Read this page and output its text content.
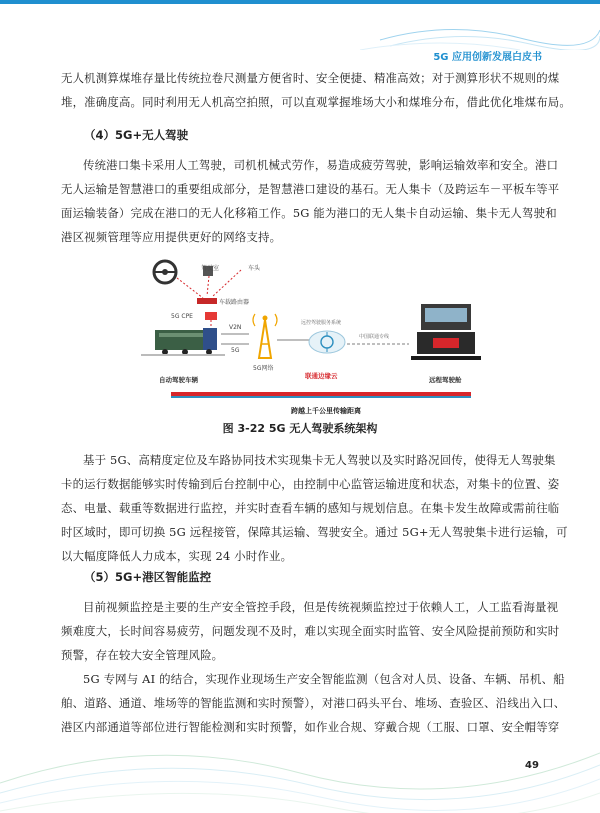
5G 应用创新发展白皮书
无人机测算煤堆存量比传统拉卷尺测量方便省时、安全便捷、精准高效；对于测算形状不规则的煤
堆，准确度高。同时利用无人机高空拍照，可以直观掌握堆场大小和煤堆分布，借此优化堆煤布局。
（4）5G+无人驾驶
传统港口集卡采用人工驾驶，司机机械式劳作，易造成疲劳驾驶，影响运输效率和安全。港口
无人运输是智慧港口的重要组成部分，是智慧港口建设的基石。无人集卡（及跨运车－平板车等平
面运输装备）完成在港口的无人化移箱工作。5G 能为港口的无人集卡自动运输、集卡无人驾驶和
港区视频管理等应用提供更好的网络支持。
驾驶室	车头
车载路由器
5G CPE
自动驾驶车辆
V2N
5G
5G网络
远控驾驶服务系统
联通边缘云
中国联通专线
远程驾驶舱
跨越上千公里传输距离
图 3-22 5G 无人驾驶系统架构
基于 5G、高精度定位及车路协同技术实现集卡无人驾驶以及实时路况回传，使得无人驾驶集
卡的运行数据能够实时传输到后台控制中心，由控制中心监管运输进度和状态，对集卡的位置、姿
态、电量、载重等数据进行监控，并实时查看车辆的感知与规划信息。在集卡发生故障或需前往临
时区域时，即可切换 5G 远程接管，保障其运输、驾驶安全。通过 5G+无人驾驶集卡进行运输，可
以大幅度降低人力成本，实现 24 小时作业。
（5）5G+港区智能监控
目前视频监控是主要的生产安全管控手段，但是传统视频监控过于依赖人工，人工监看海量视
频难度大，长时间容易疲劳，问题发现不及时，难以实现全面实时监管、安全风险提前预防和实时
预警，存在较大安全管理风险。
5G 专网与 AI 的结合，实现作业现场生产安全智能监测（包含对人员、设备、车辆、吊机、船
舶、道路、通道、堆场等的智能监测和实时预警），对港口码头平台、堆场、查验区、沿线出入口、
港区内部通道等部位进行智能检测和实时预警，如作业合规、穿戴合规（工服、口罩、安全帽等穿
49
